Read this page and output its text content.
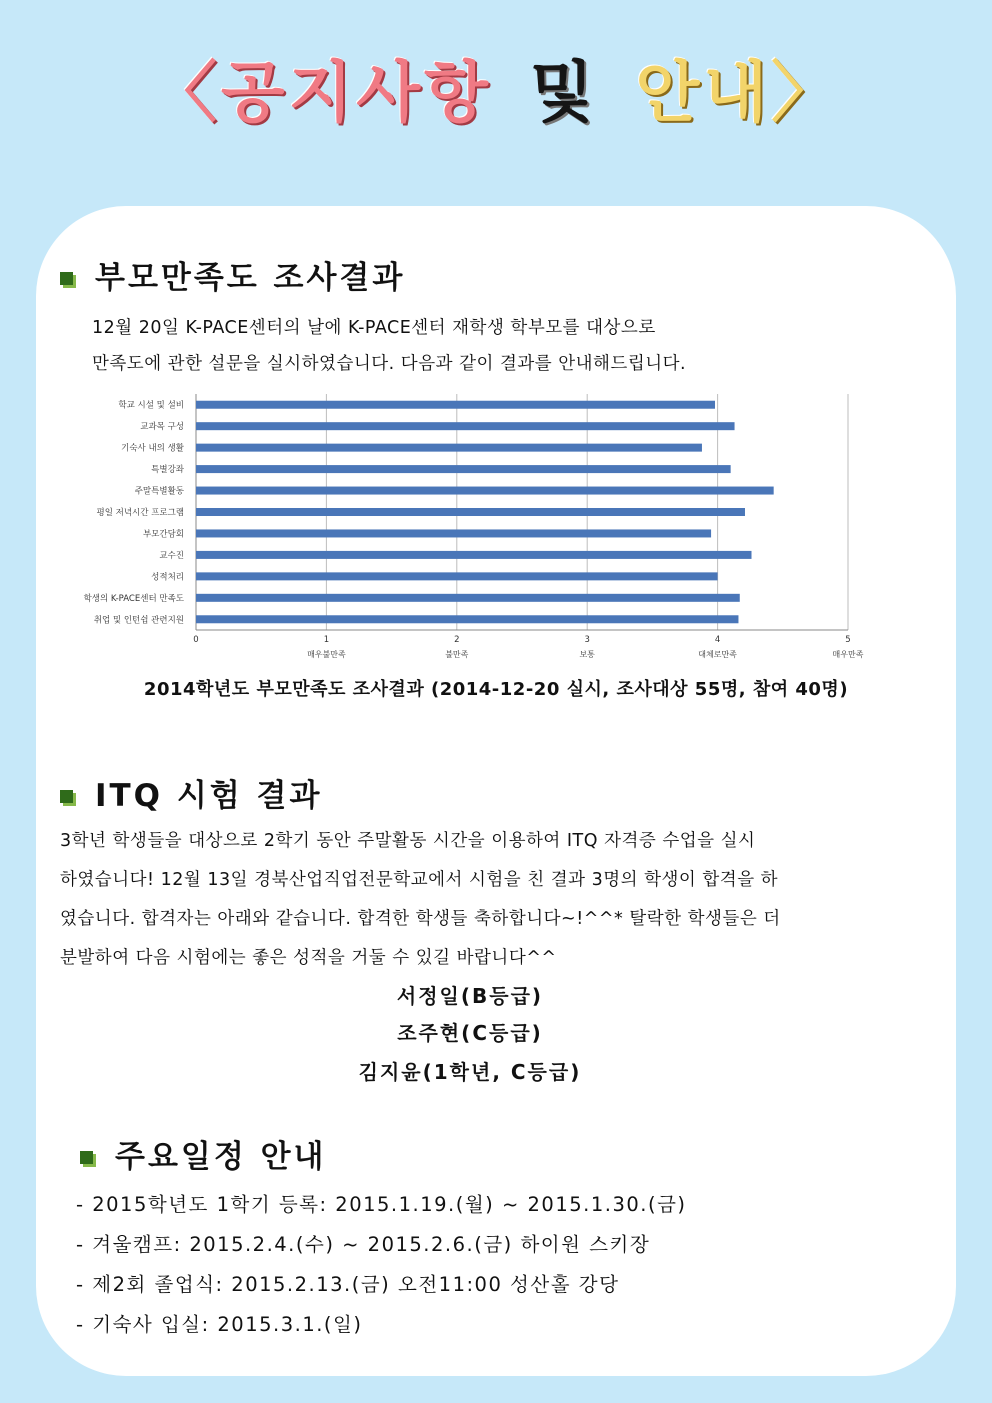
〈공지사항 및 안내〉
부모만족도 조사결과
12월 20일 K-PACE센터의 날에 K-PACE센터 재학생 학부모를 대상으로
만족도에 관한 설문을 실시하였습니다. 다음과 같이 결과를 안내해드립니다.
학교 시설 및 설비
교과목 구성
기숙사 내의 생활
특별강좌
주말특별활동
평일 저녁시간 프로그램
부모간담회
교수진
성적처리
학생의 K-PACE센터 만족도
취업 및 인턴쉽 관련지원
0	1	2	3	4	5
매우불만족	불만족	보통	대체로만족	매우만족
2014학년도 부모만족도 조사결과 (2014-12-20 실시, 조사대상 55명, 참여 40명)
ITQ 시험 결과
3학년 학생들을 대상으로 2학기 동안 주말활동 시간을 이용하여 ITQ 자격증 수업을 실시
하였습니다! 12월 13일 경북산업직업전문학교에서 시험을 친 결과 3명의 학생이 합격을 하
였습니다. 합격자는 아래와 같습니다. 합격한 학생들 축하합니다~!^^* 탈락한 학생들은 더
분발하여 다음 시험에는 좋은 성적을 거둘 수 있길 바랍니다^^
서정일(B등급)
조주현(C등급)
김지윤(1학년, C등급)
주요일정 안내
- 2015학년도 1학기 등록: 2015.1.19.(월) ~ 2015.1.30.(금)
- 겨울캠프: 2015.2.4.(수) ~ 2015.2.6.(금) 하이원 스키장
- 제2회 졸업식: 2015.2.13.(금) 오전11:00 성산홀 강당
- 기숙사 입실: 2015.3.1.(일)
